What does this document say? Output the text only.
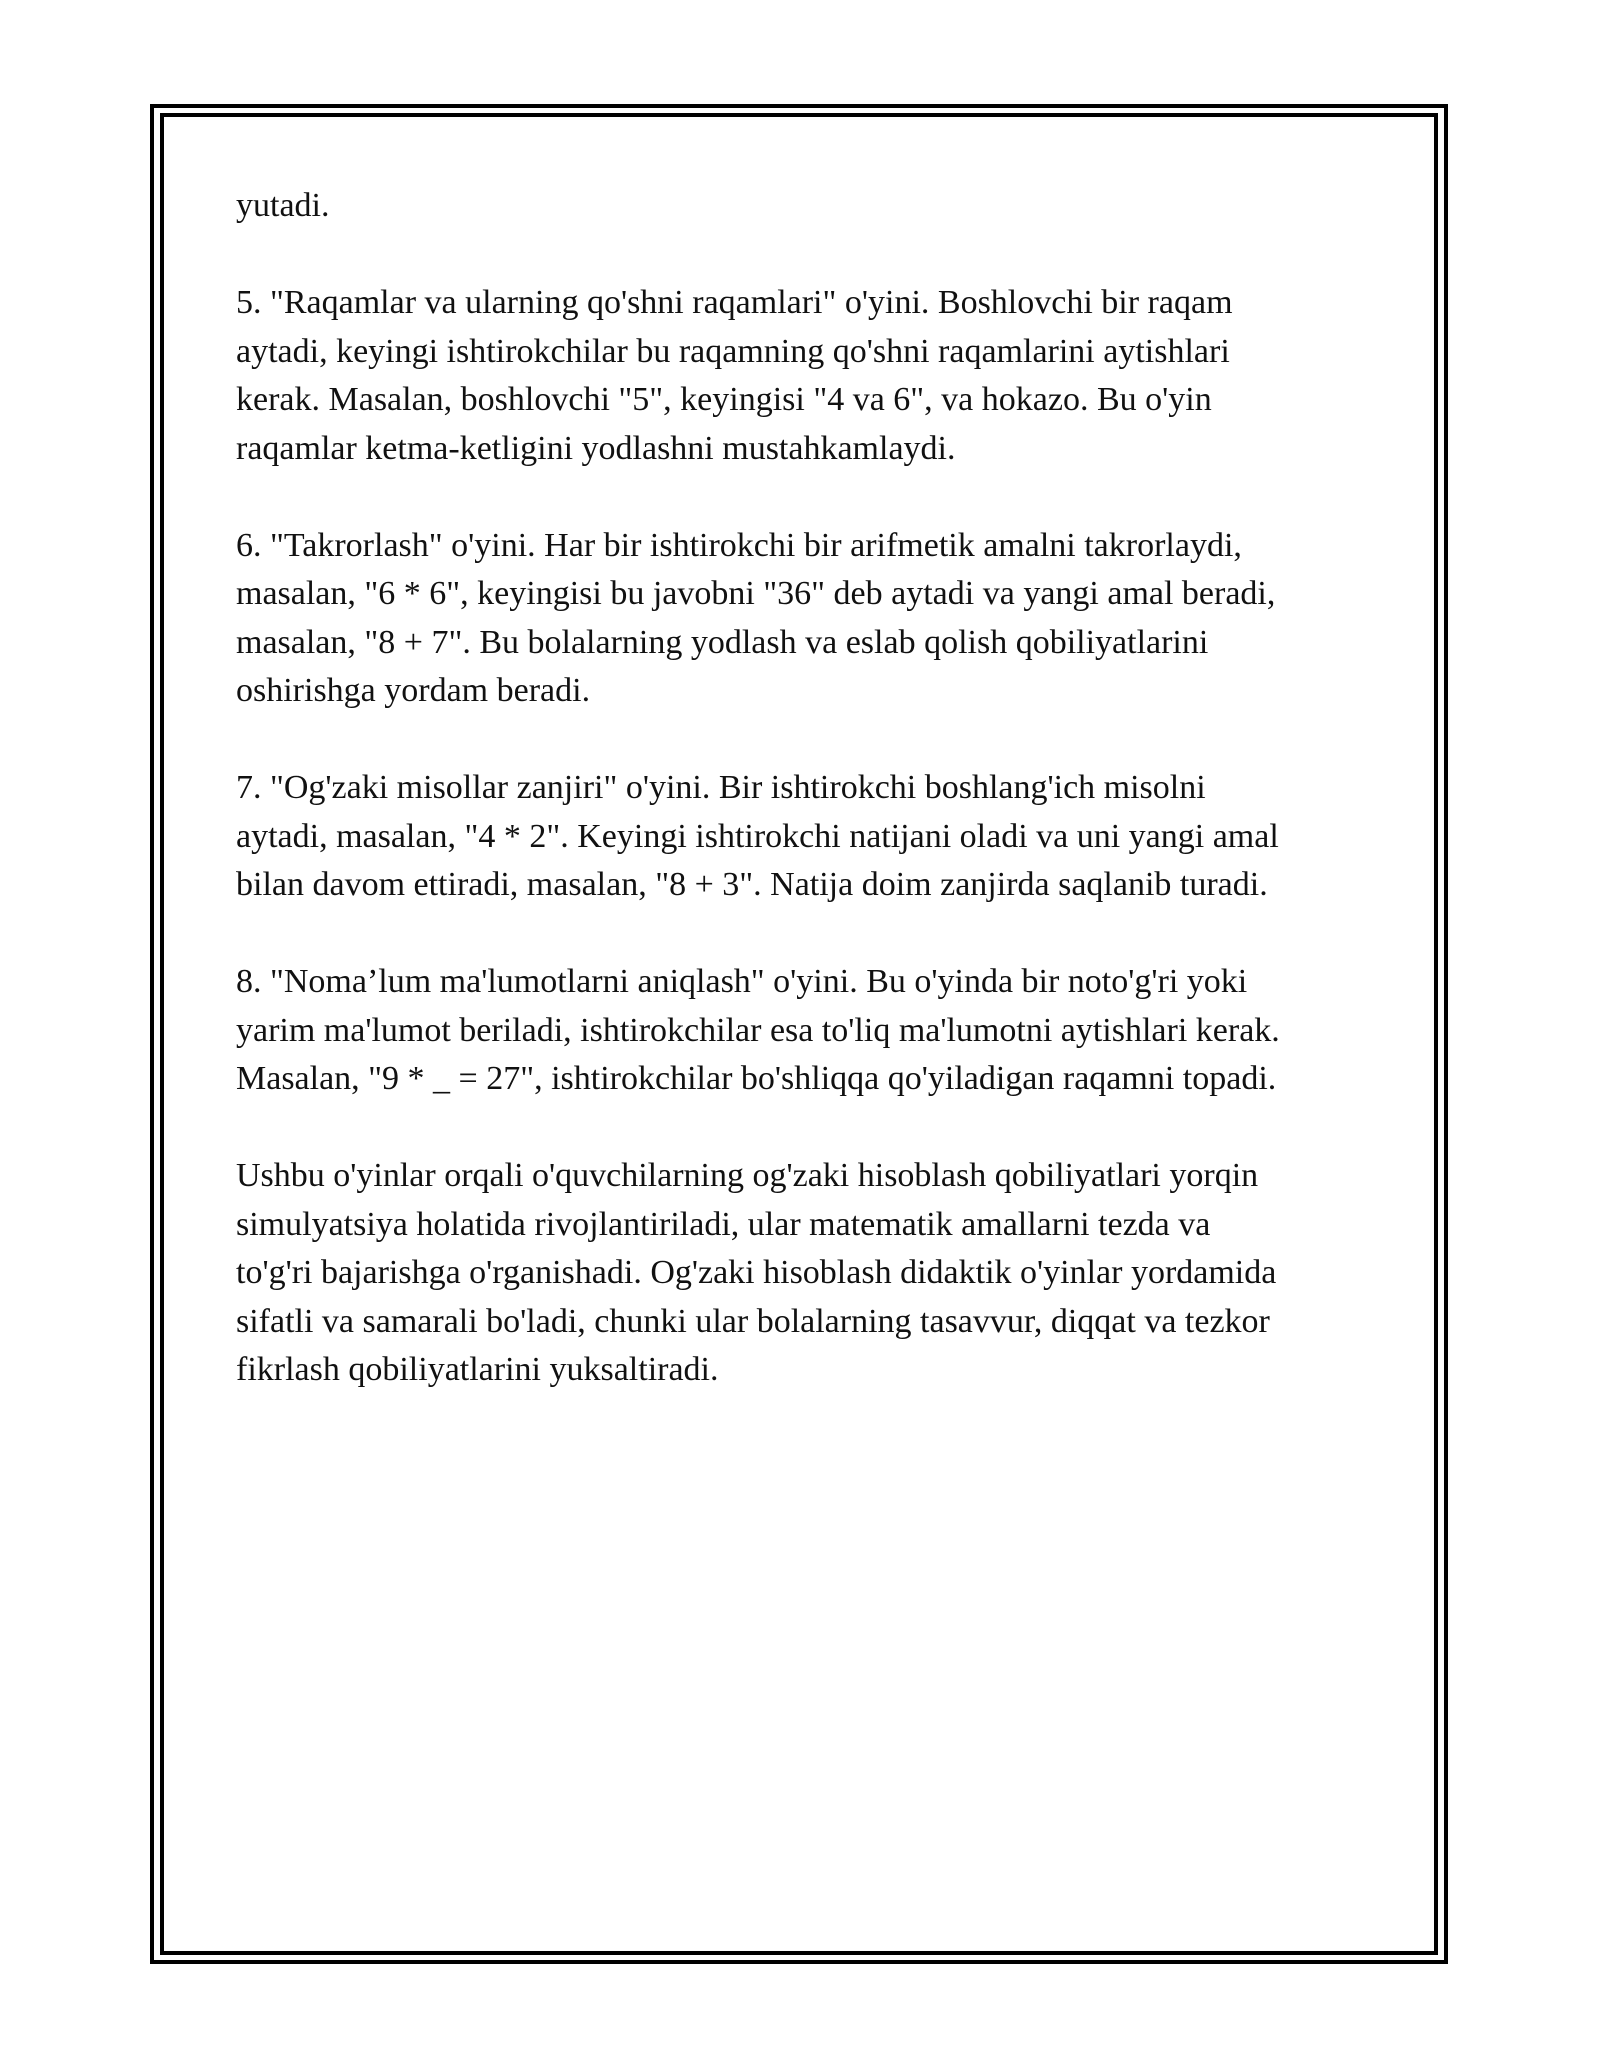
yutadi.

5. "Raqamlar va ularning qo'shni raqamlari" o'yini. Boshlovchi bir raqam
aytadi, keyingi ishtirokchilar bu raqamning qo'shni raqamlarini aytishlari
kerak. Masalan, boshlovchi "5", keyingisi "4 va 6", va hokazo. Bu o'yin
raqamlar ketma-ketligini yodlashni mustahkamlaydi.

6. "Takrorlash" o'yini. Har bir ishtirokchi bir arifmetik amalni takrorlaydi,
masalan, "6 * 6", keyingisi bu javobni "36" deb aytadi va yangi amal beradi,
masalan, "8 + 7". Bu bolalarning yodlash va eslab qolish qobiliyatlarini
oshirishga yordam beradi.

7. "Og'zaki misollar zanjiri" o'yini. Bir ishtirokchi boshlang'ich misolni
aytadi, masalan, "4 * 2". Keyingi ishtirokchi natijani oladi va uni yangi amal
bilan davom ettiradi, masalan, "8 + 3". Natija doim zanjirda saqlanib turadi.

8. "Noma’lum ma'lumotlarni aniqlash" o'yini. Bu o'yinda bir noto'g'ri yoki
yarim ma'lumot beriladi, ishtirokchilar esa to'liq ma'lumotni aytishlari kerak.
Masalan, "9 * _ = 27", ishtirokchilar bo'shliqqa qo'yiladigan raqamni topadi.

Ushbu o'yinlar orqali o'quvchilarning og'zaki hisoblash qobiliyatlari yorqin
simulyatsiya holatida rivojlantiriladi, ular matematik amallarni tezda va
to'g'ri bajarishga o'rganishadi. Og'zaki hisoblash didaktik o'yinlar yordamida
sifatli va samarali bo'ladi, chunki ular bolalarning tasavvur, diqqat va tezkor
fikrlash qobiliyatlarini yuksaltiradi.
